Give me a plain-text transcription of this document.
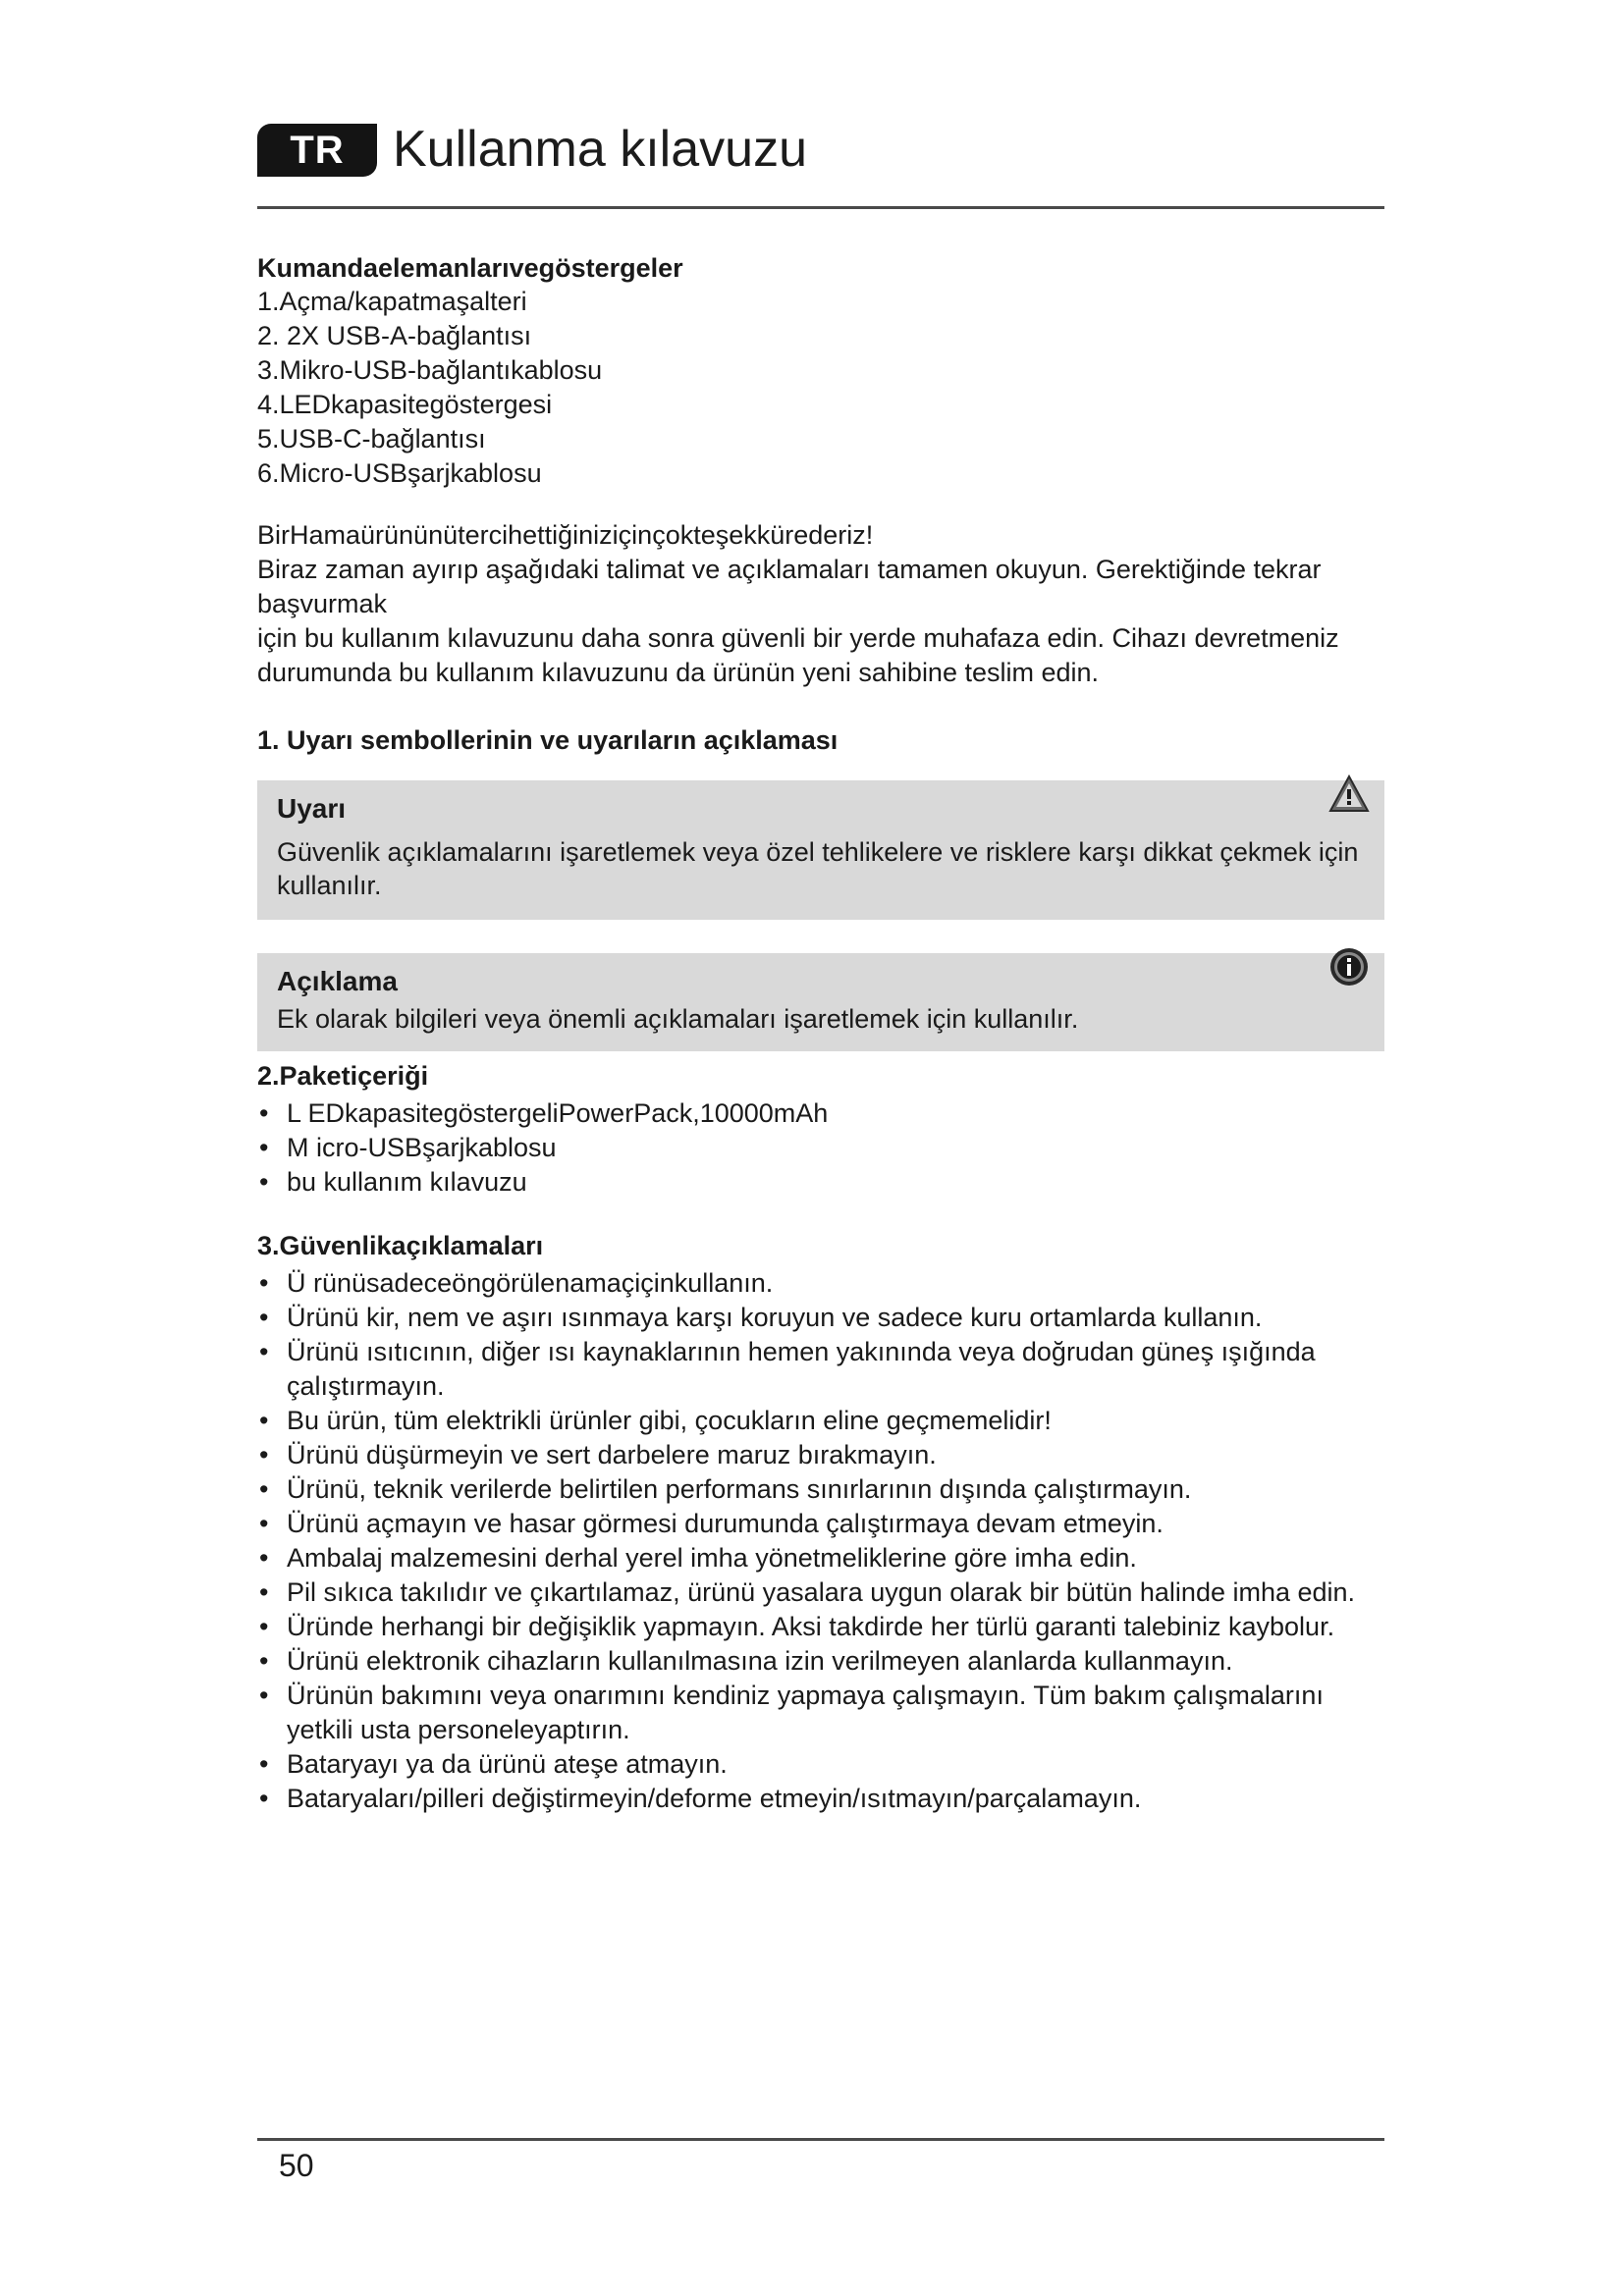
TR Kullanma kılavuzu

Kumandaelemanlarıvegöstergeler

1.Açma/kapatmaşalteri

2. 2X USB-A-bağlantısı

3.Mikro-USB-bağlantıkablosu

4.LEDkapasitegöstergesi

5.USB-C-bağlantısı

6.Micro-USBşarjkablosu

BirHamaürününütercihettiğiniziçinçokteşekkürederiz!

Biraz zaman ayırıp aşağıdaki talimat ve açıklamaları tamamen okuyun. Gerektiğinde tekrar başvurmak

için bu kullanım kılavuzunu daha sonra güvenli bir yerde muhafaza edin. Cihazı devretmeniz

durumunda bu kullanım kılavuzunu da ürünün yeni sahibine teslim edin.

1. Uyarı sembollerinin ve uyarıların açıklaması

Uyarı

Güvenlik açıklamalarını işaretlemek veya özel tehlikelere ve risklere karşı dikkat çekmek için kullanılır.

Açıklama

Ek olarak bilgileri veya önemli açıklamaları işaretlemek için kullanılır.

2.Paketiçeriği

• L EDkapasitegöstergeliPowerPack,10000mAh
• M icro-USBşarjkablosu
• bu kullanım kılavuzu

3.Güvenlikaçıklamaları

• Ü rünüsadeceöngörülenamaçiçinkullanın.
• Ürünü kir, nem ve aşırı ısınmaya karşı koruyun ve sadece kuru ortamlarda kullanın.
• Ürünü ısıtıcının, diğer ısı kaynaklarının hemen yakınında veya doğrudan güneş ışığında çalıştırmayın.
• Bu ürün, tüm elektrikli ürünler gibi, çocukların eline geçmemelidir!
• Ürünü düşürmeyin ve sert darbelere maruz bırakmayın.
• Ürünü, teknik verilerde belirtilen performans sınırlarının dışında çalıştırmayın.
• Ürünü açmayın ve hasar görmesi durumunda çalıştırmaya devam etmeyin.
• Ambalaj malzemesini derhal yerel imha yönetmeliklerine göre imha edin.
• Pil sıkıca takılıdır ve çıkartılamaz, ürünü yasalara uygun olarak bir bütün halinde imha edin.
• Üründe herhangi bir değişiklik yapmayın. Aksi takdirde her türlü garanti talebiniz kaybolur.
• Ürünü elektronik cihazların kullanılmasına izin verilmeyen alanlarda kullanmayın.
• Ürünün bakımını veya onarımını kendiniz yapmaya çalışmayın. Tüm bakım çalışmalarını yetkili usta personeleyaptırın.
• Bataryayı ya da ürünü ateşe atmayın.
• Bataryaları/pilleri değiştirmeyin/deforme etmeyin/ısıtmayın/parçalamayın.
50
